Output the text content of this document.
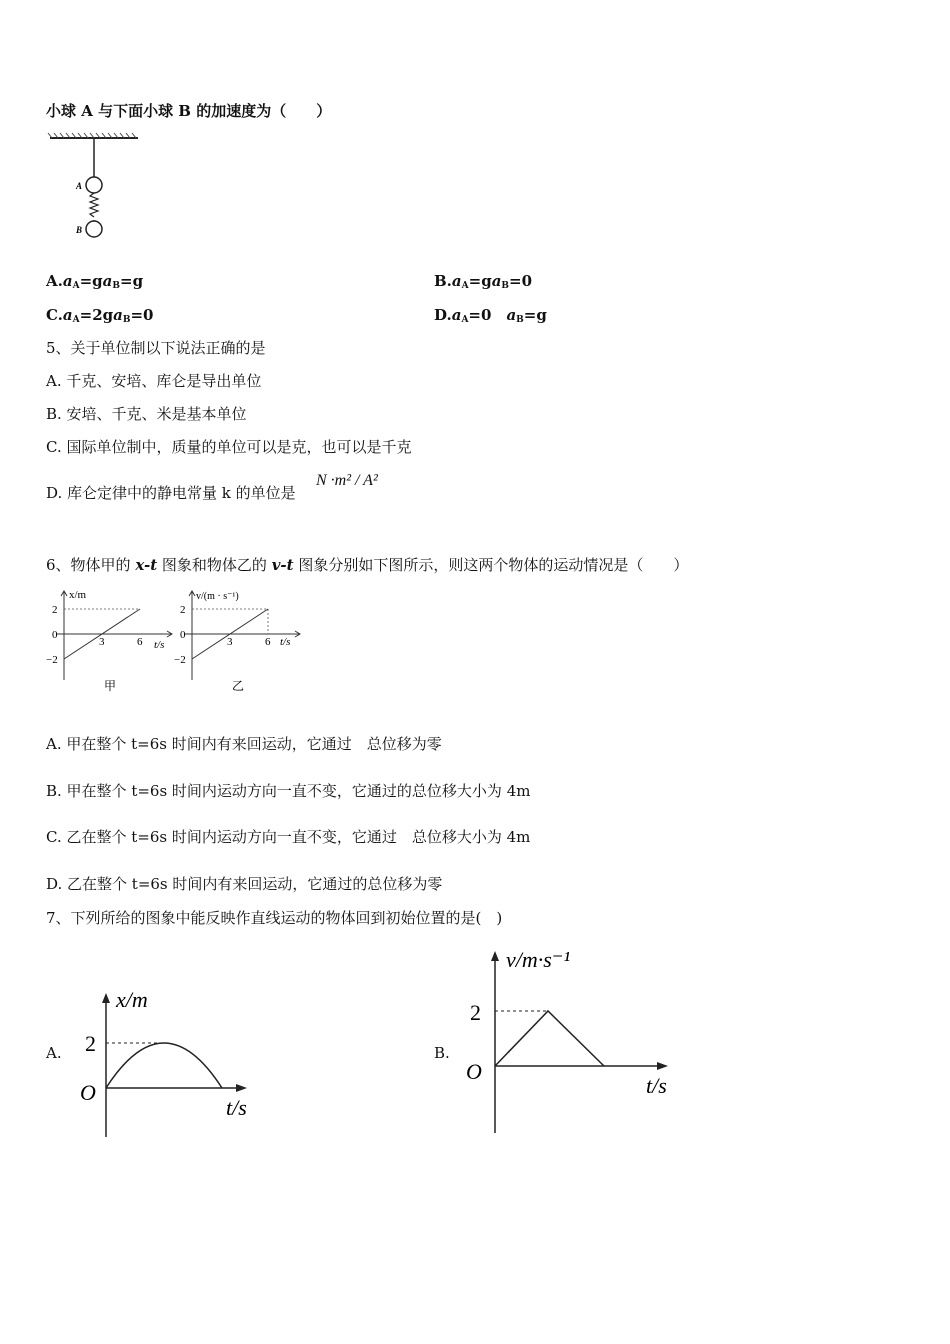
小球 A 与下面小球 B 的加速度为（　　）
A
B
$A.a_A=ga_B=g$	$B.a_A=ga_B=0$
$C.a_A=2ga_B=0$	$D.a_A=0$　$a_B=g$
5、关于单位制以下说法正确的是
A. 千克、安培、库仑是导出单位
B. 安培、千克、米是基本单位
C. 国际单位制中，质量的单位可以是克，也可以是千克
D. 库仑定律中的静电常量 k 的单位是
N ·m² / A²
6、物体甲的 x-t 图象和物体乙的 v-t 图象分别如下图所示，则这两个物体的运动情况是（　　）
x/m
2
0
−2
3	6 t/s
甲
v/(m · s⁻¹)
2
0
−2
3	6 t/s
乙
A. 甲在整个 t=6s 时间内有来回运动，它通过　总位移为零
B. 甲在整个 t=6s 时间内运动方向一直不变，它通过的总位移大小为 4m
C. 乙在整个 t=6s 时间内运动方向一直不变，它通过　总位移大小为 4m
D. 乙在整个 t=6s 时间内有来回运动，它通过的总位移为零
7、下列所给的图象中能反映作直线运动的物体回到初始位置的是(　)
A.	B.
x/m
2
O
t/s
v/m·s⁻¹
2
O
t/s
